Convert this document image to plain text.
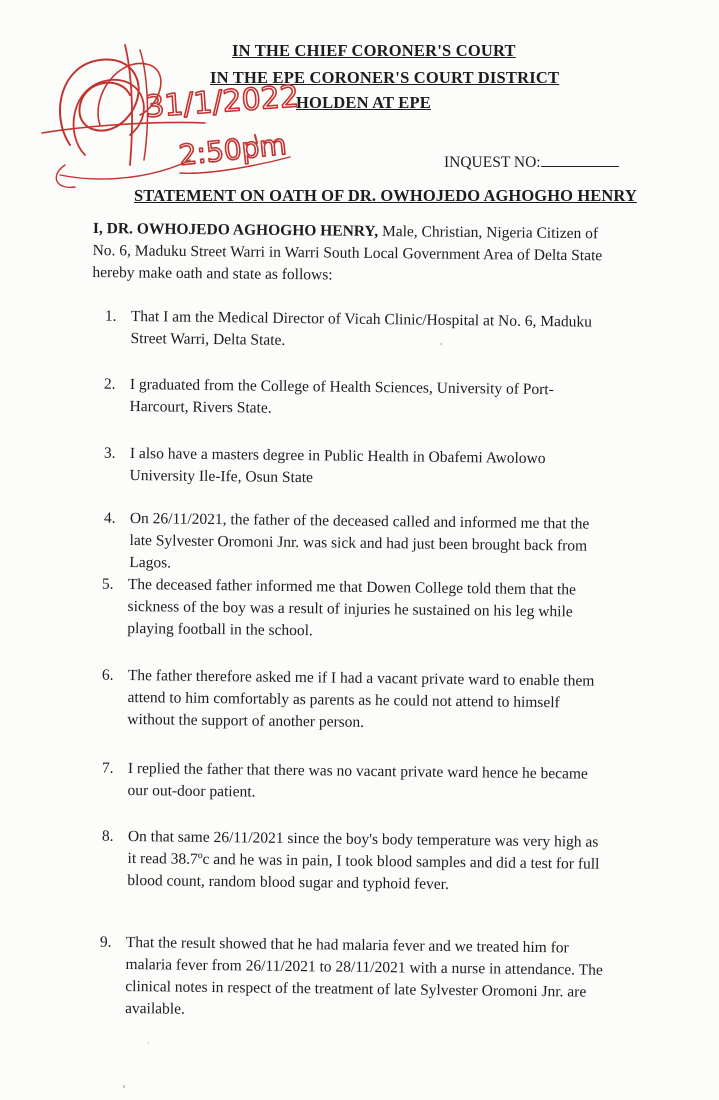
IN THE CHIEF CORONER'S COURT
IN THE EPE CORONER'S COURT DISTRICT
HOLDEN AT EPE
INQUEST NO:
STATEMENT ON OATH OF DR. OWHOJEDO AGHOGHO HENRY
I, DR. OWHOJEDO AGHOGHO HENRY, Male, Christian, Nigeria Citizen of No. 6, Maduku Street Warri in Warri South Local Government Area of Delta State hereby make oath and state as follows:
1. That I am the Medical Director of Vicah Clinic/Hospital at No. 6, Maduku Street Warri, Delta State.
2. I graduated from the College of Health Sciences, University of Port-Harcourt, Rivers State.
3. I also have a masters degree in Public Health in Obafemi Awolowo University Ile-Ife, Osun State
4. On 26/11/2021, the father of the deceased called and informed me that the late Sylvester Oromoni Jnr. was sick and had just been brought back from Lagos.
5. The deceased father informed me that Dowen College told them that the sickness of the boy was a result of injuries he sustained on his leg while playing football in the school.
6. The father therefore asked me if I had a vacant private ward to enable them attend to him comfortably as parents as he could not attend to himself without the support of another person.
7. I replied the father that there was no vacant private ward hence he became our out-door patient.
8. On that same 26/11/2021 since the boy's body temperature was very high as it read 38.7ºc and he was in pain, I took blood samples and did a test for full blood count, random blood sugar and typhoid fever.
9. That the result showed that he had malaria fever and we treated him for malaria fever from 26/11/2021 to 28/11/2021 with a nurse in attendance. The clinical notes in respect of the treatment of late Sylvester Oromoni Jnr. are available.
31/1/2022
2:50pm
